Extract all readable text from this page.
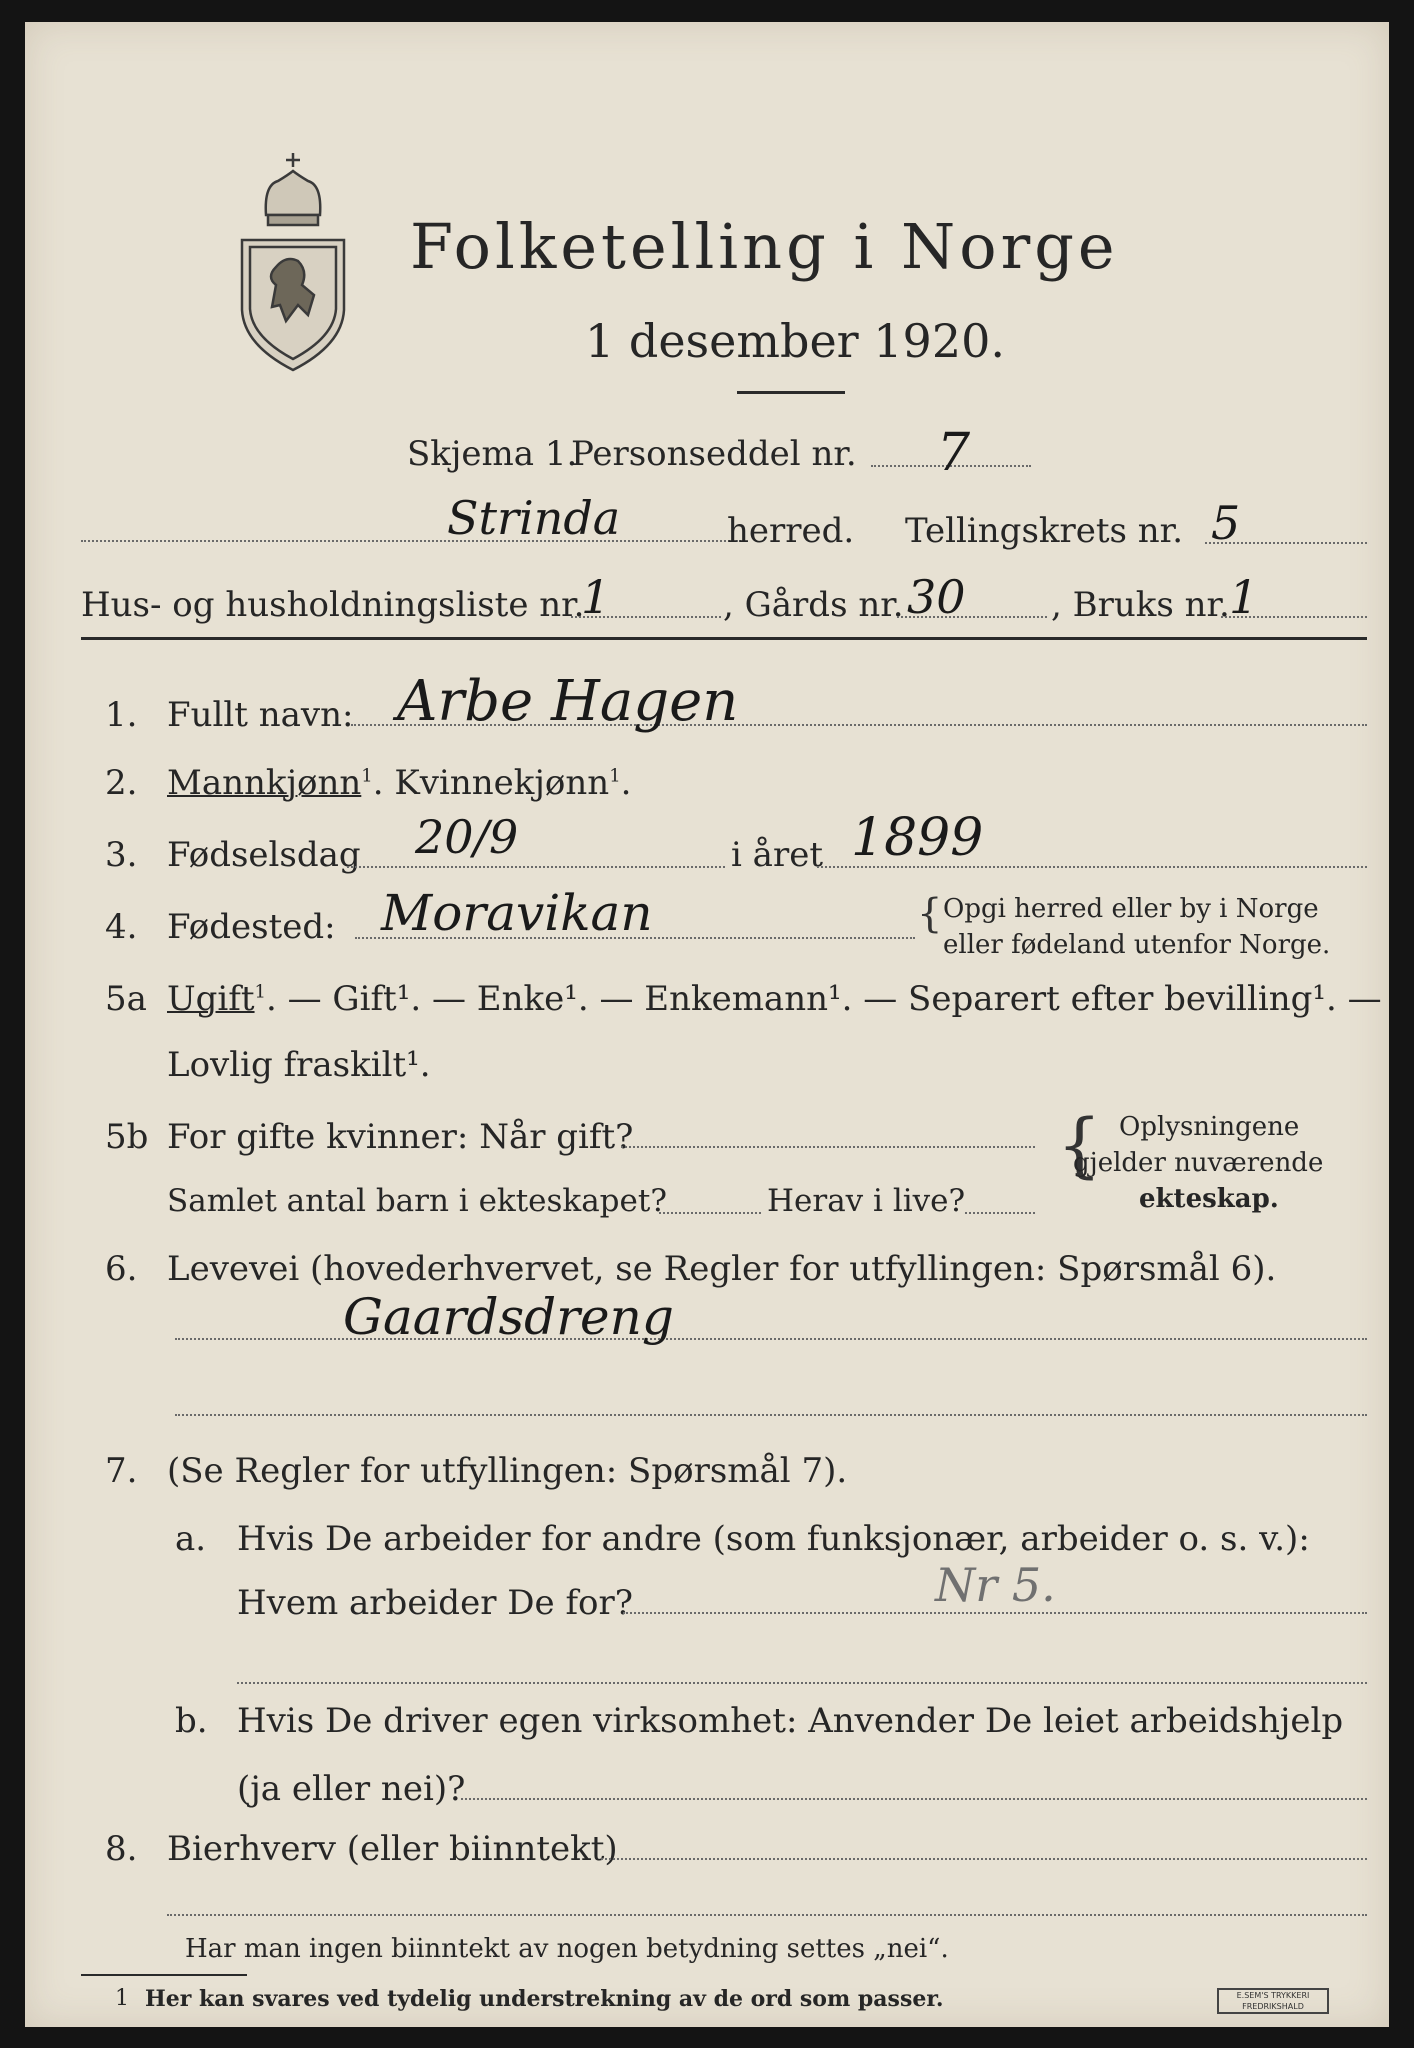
Folketelling i Norge
1 desember 1920.
Skjema 1.
Personseddel nr. 7
Strinda	herred. Tellingskrets nr. 5
Hus- og husholdningsliste nr.
1	, Gårds nr. 30	, Bruks nr. 1
1. Fullt navn: Arbe Hagen
2. Mannkjønn$^1$. Kvinnekjønn$^1$.
3. Fødselsdag 20/9	i året 1899
4. Fødested: Moravikan	{ Opgi herred eller by i Norge
eller fødeland utenfor Norge.
5a Ugift$^1$. — Gift¹. — Enke¹. — Enkemann¹. — Separert efter bevilling¹. —
Lovlig fraskilt¹.
5b For gifte kvinner: Når gift?
Samlet antal barn i ekteskapet?	Herav i live?
{ Oplysningene
gjelder nuværende
ekteskap.
6. Levevei (hovederhvervet, se Regler for utfyllingen: Spørsmål 6).
Gaardsdreng
7. (Se Regler for utfyllingen: Spørsmål 7).
a. Hvis De arbeider for andre (som funksjonær, arbeider o. s. v.):
Hvem arbeider De for?	Nr 5.
b. Hvis De driver egen virksomhet: Anvender De leiet arbeidshjelp
(ja eller nei)?
8. Bierhverv (eller biinntekt)
Har man ingen biinntekt av nogen betydning settes „nei“.
1 Her kan svares ved tydelig understrekning av de ord som passer.	E.SEM'S TRYKKERI
FREDRIKSHALD
